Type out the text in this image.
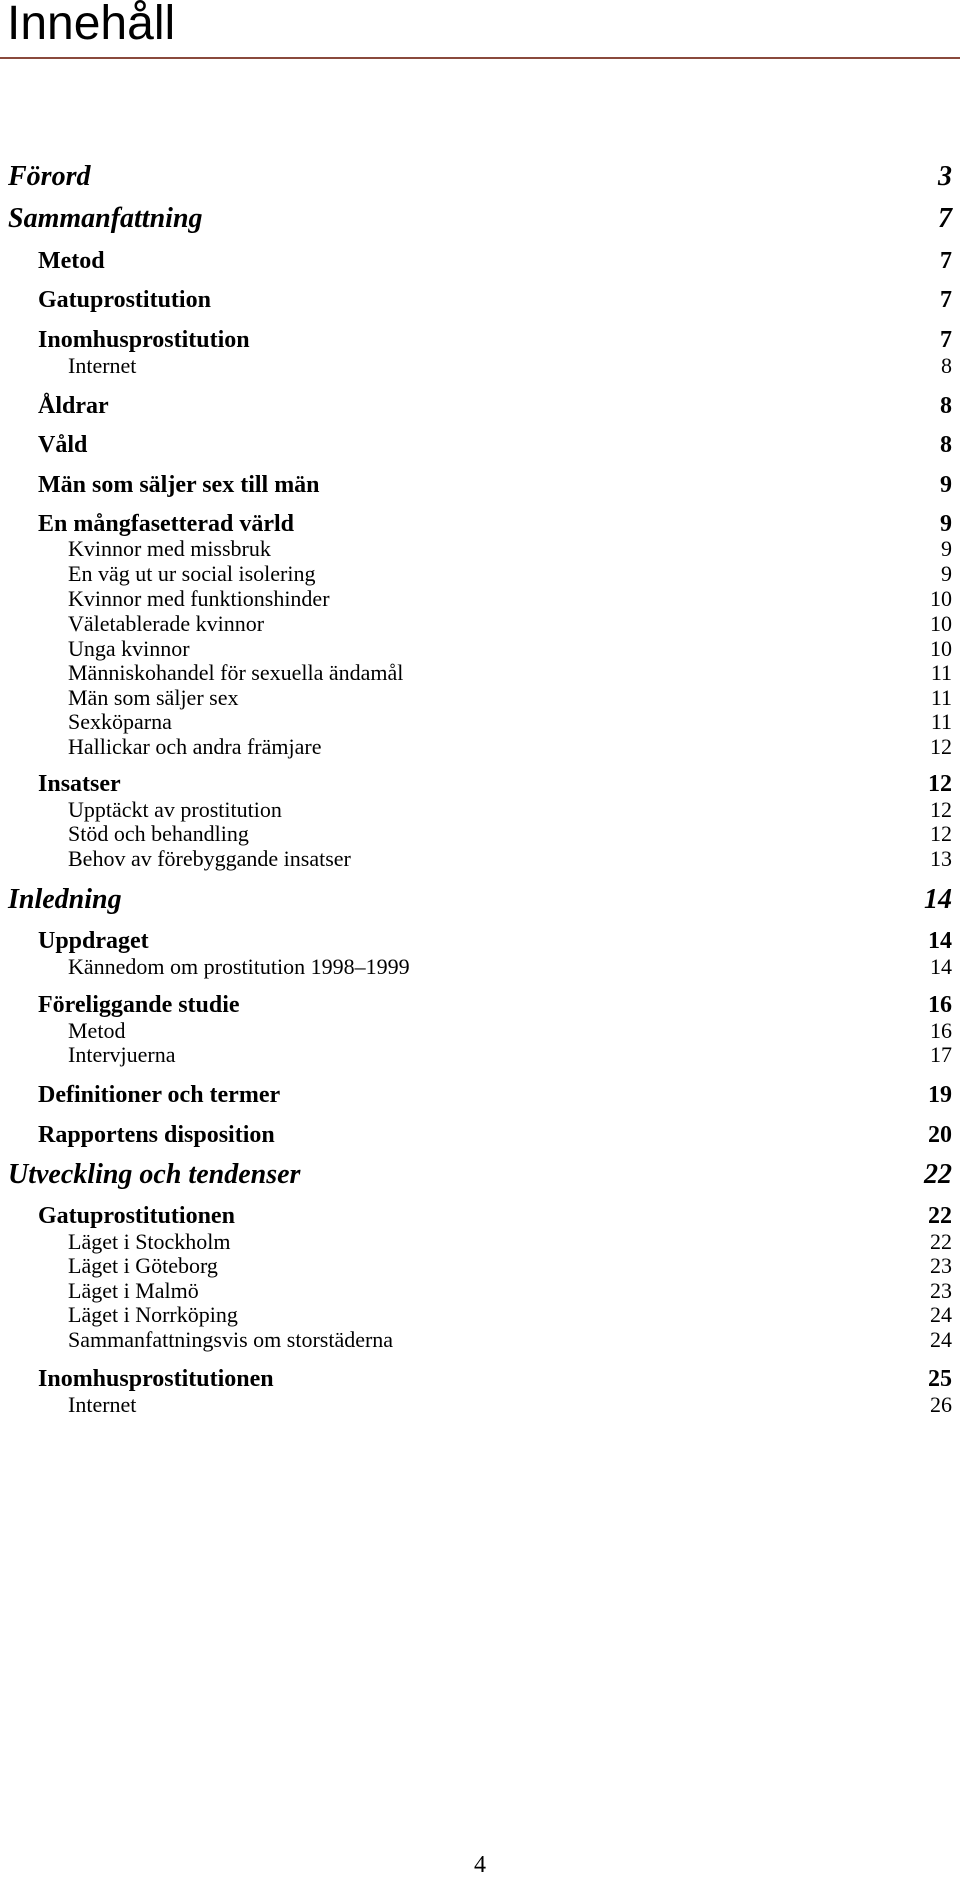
Innehåll
Förord	3
Sammanfattning	7
Metod	7
Gatuprostitution	7
Inomhusprostitution	7
Internet	8
Åldrar	8
Våld	8
Män som säljer sex till män	9
En mångfasetterad värld	9
Kvinnor med missbruk	9
En väg ut ur social isolering	9
Kvinnor med funktionshinder	10
Väletablerade kvinnor	10
Unga kvinnor	10
Människohandel för sexuella ändamål	11
Män som säljer sex	11
Sexköparna	11
Hallickar och andra främjare	12
Insatser	12
Upptäckt av prostitution	12
Stöd och behandling	12
Behov av förebyggande insatser	13
Inledning	14
Uppdraget	14
Kännedom om prostitution 1998–1999	14
Föreliggande studie	16
Metod	16
Intervjuerna	17
Definitioner och termer	19
Rapportens disposition	20
Utveckling och tendenser	22
Gatuprostitutionen	22
Läget i Stockholm	22
Läget i Göteborg	23
Läget i Malmö	23
Läget i Norrköping	24
Sammanfattningsvis om storstäderna	24
Inomhusprostitutionen	25
Internet	26
4
